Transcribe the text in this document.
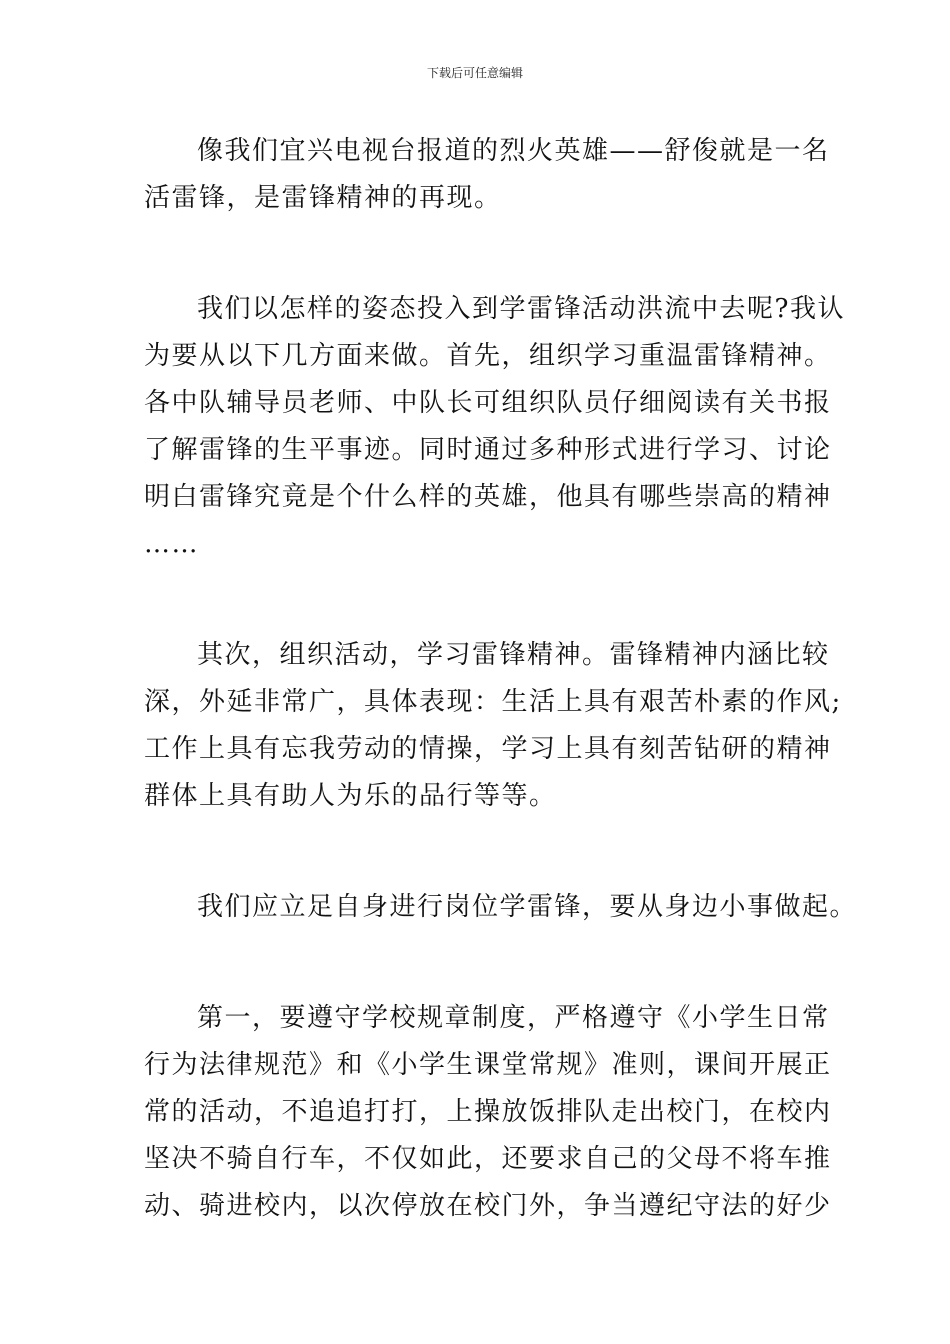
下载后可任意编辑

像我们宜兴电视台报道的烈火英雄——舒俊就是一名
活雷锋，是雷锋精神的再现。

我们以怎样的姿态投入到学雷锋活动洪流中去呢?我认
为要从以下几方面来做。首先，组织学习重温雷锋精神。
各中队辅导员老师、中队长可组织队员仔细阅读有关书报
了解雷锋的生平事迹。同时通过多种形式进行学习、讨论
明白雷锋究竟是个什么样的英雄，他具有哪些崇高的精神
……

其次，组织活动，学习雷锋精神。雷锋精神内涵比较
深，外延非常广，具体表现：生活上具有艰苦朴素的作风;
工作上具有忘我劳动的情操，学习上具有刻苦钻研的精神
群体上具有助人为乐的品行等等。

我们应立足自身进行岗位学雷锋，要从身边小事做起。

第一，要遵守学校规章制度，严格遵守《小学生日常
行为法律规范》和《小学生课堂常规》准则，课间开展正
常的活动，不追追打打，上操放饭排队走出校门，在校内
坚决不骑自行车，不仅如此，还要求自己的父母不将车推
动、骑进校内，以次停放在校门外，争当遵纪守法的好少
